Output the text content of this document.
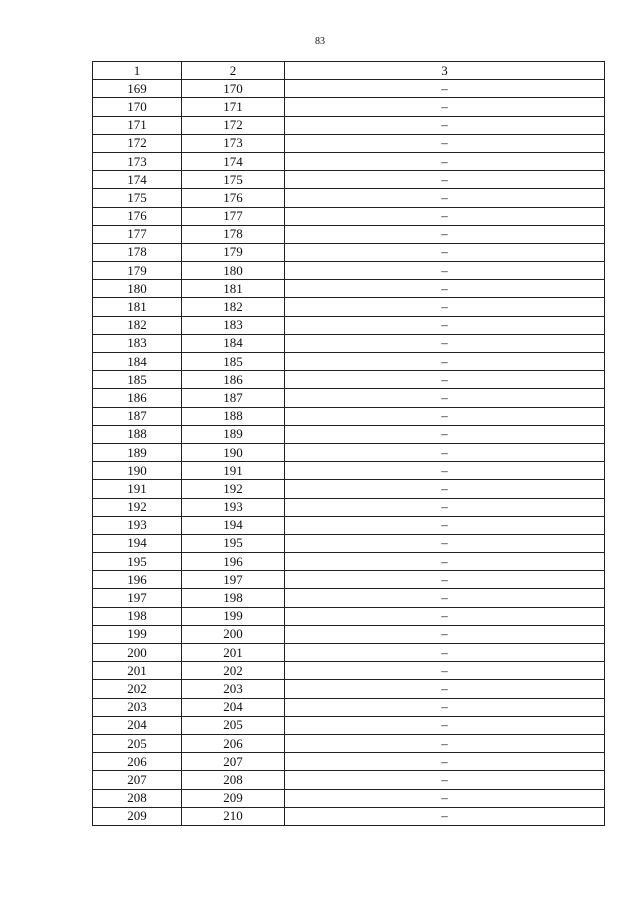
83
1	2	3
169	170	–
170	171	–
171	172	–
172	173	–
173	174	–
174	175	–
175	176	–
176	177	–
177	178	–
178	179	–
179	180	–
180	181	–
181	182	–
182	183	–
183	184	–
184	185	–
185	186	–
186	187	–
187	188	–
188	189	–
189	190	–
190	191	–
191	192	–
192	193	–
193	194	–
194	195	–
195	196	–
196	197	–
197	198	–
198	199	–
199	200	–
200	201	–
201	202	–
202	203	–
203	204	–
204	205	–
205	206	–
206	207	–
207	208	–
208	209	–
209	210	–
